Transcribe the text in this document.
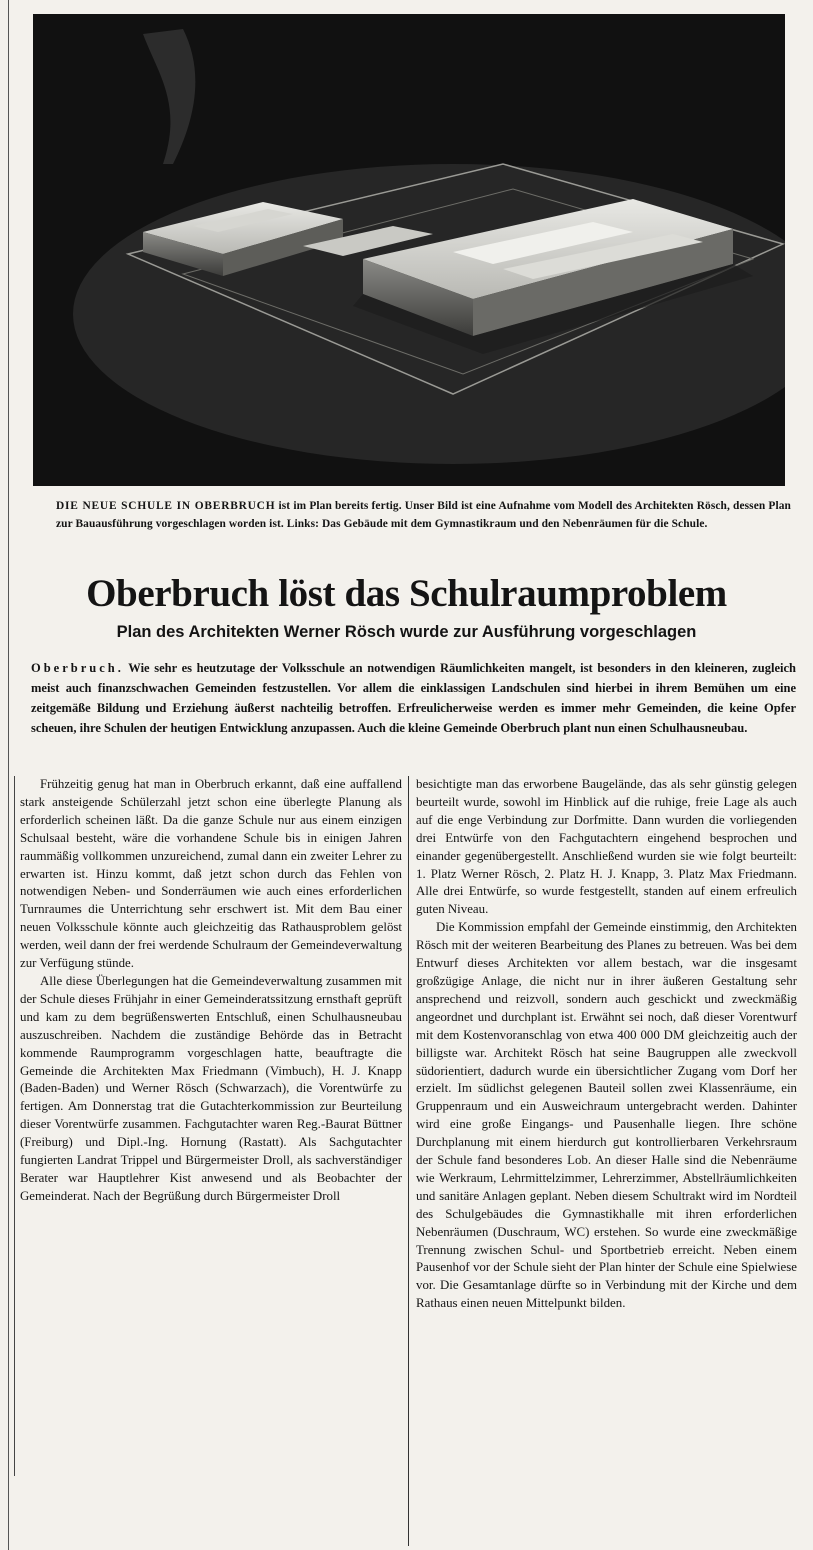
DIE NEUE SCHULE IN OBERBRUCH ist im Plan bereits fertig. Unser Bild ist eine Aufnahme vom Modell des Architekten Rösch, dessen Plan zur Bauausführung vorgeschlagen worden ist. Links: Das Gebäude mit dem Gymnastikraum und den Nebenräumen für die Schule.
Oberbruch löst das Schulraumproblem
Plan des Architekten Werner Rösch wurde zur Ausführung vorgeschlagen
Oberbruch. Wie sehr es heutzutage der Volksschule an notwendigen Räumlichkeiten mangelt, ist besonders in den kleineren, zugleich meist auch finanzschwachen Gemeinden festzustellen. Vor allem die einklassigen Landschulen sind hierbei in ihrem Bemühen um eine zeitgemäße Bildung und Erziehung äußerst nachteilig betroffen. Erfreulicherweise werden es immer mehr Gemeinden, die keine Opfer scheuen, ihre Schulen der heutigen Entwicklung anzupassen. Auch die kleine Gemeinde Oberbruch plant nun einen Schulhausneubau.

Frühzeitig genug hat man in Oberbruch erkannt, daß eine auffallend stark ansteigende Schülerzahl jetzt schon eine überlegte Planung als erforderlich scheinen läßt. Da die ganze Schule nur aus einem einzigen Schulsaal besteht, wäre die vorhandene Schule bis in einigen Jahren raummäßig vollkommen unzureichend, zumal dann ein zweiter Lehrer zu erwarten ist. Hinzu kommt, daß jetzt schon durch das Fehlen von notwendigen Neben- und Sonderräumen wie auch eines erforderlichen Turnraumes die Unterrichtung sehr erschwert ist. Mit dem Bau einer neuen Volksschule könnte auch gleichzeitig das Rathausproblem gelöst werden, weil dann der frei werdende Schulraum der Gemeindeverwaltung zur Verfügung stünde.

Alle diese Überlegungen hat die Gemeindeverwaltung zusammen mit der Schule dieses Frühjahr in einer Gemeinderatssitzung ernsthaft geprüft und kam zu dem begrüßenswerten Entschluß, einen Schulhausneubau auszuschreiben. Nachdem die zuständige Behörde das in Betracht kommende Raumprogramm vorgeschlagen hatte, beauftragte die Gemeinde die Architekten Max Friedmann (Vimbuch), H. J. Knapp (Baden-Baden) und Werner Rösch (Schwarzach), die Vorentwürfe zu fertigen. Am Donnerstag trat die Gutachterkommission zur Beurteilung dieser Vorentwürfe zusammen. Fachgutachter waren Reg.-Baurat Büttner (Freiburg) und Dipl.-Ing. Hornung (Rastatt). Als Sachgutachter fungierten Landrat Trippel und Bürgermeister Droll, als sachverständiger Berater war Hauptlehrer Kist anwesend und als Beobachter der Gemeinderat. Nach der Begrüßung durch Bürgermeister Droll

besichtigte man das erworbene Baugelände, das als sehr günstig gelegen beurteilt wurde, sowohl im Hinblick auf die ruhige, freie Lage als auch auf die enge Verbindung zur Dorfmitte. Dann wurden die vorliegenden drei Entwürfe von den Fachgutachtern eingehend besprochen und einander gegenübergestellt. Anschließend wurden sie wie folgt beurteilt: 1. Platz Werner Rösch, 2. Platz H. J. Knapp, 3. Platz Max Friedmann. Alle drei Entwürfe, so wurde festgestellt, standen auf einem erfreulich guten Niveau.

Die Kommission empfahl der Gemeinde einstimmig, den Architekten Rösch mit der weiteren Bearbeitung des Planes zu betreuen. Was bei dem Entwurf dieses Architekten vor allem bestach, war die insgesamt großzügige Anlage, die nicht nur in ihrer äußeren Gestaltung sehr ansprechend und reizvoll, sondern auch geschickt und zweckmäßig angeordnet und durchplant ist. Erwähnt sei noch, daß dieser Vorentwurf mit dem Kostenvoranschlag von etwa 400 000 DM gleichzeitig auch der billigste war. Architekt Rösch hat seine Baugruppen alle zweckvoll südorientiert, dadurch wurde ein übersichtlicher Zugang vom Dorf her erzielt. Im südlichst gelegenen Bauteil sollen zwei Klassenräume, ein Gruppenraum und ein Ausweichraum untergebracht werden. Dahinter wird eine große Eingangs- und Pausenhalle liegen. Ihre schöne Durchplanung mit einem hierdurch gut kontrollierbaren Verkehrsraum der Schule fand besonderes Lob. An dieser Halle sind die Nebenräume wie Werkraum, Lehrmittelzimmer, Lehrerzimmer, Abstellräumlichkeiten und sanitäre Anlagen geplant. Neben diesem Schultrakt wird im Nordteil des Schulgebäudes die Gymnastikhalle mit ihren erforderlichen Nebenräumen (Duschraum, WC) erstehen. So wurde eine zweckmäßige Trennung zwischen Schul- und Sportbetrieb erreicht. Neben einem Pausenhof vor der Schule sieht der Plan hinter der Schule eine Spielwiese vor. Die Gesamtanlage dürfte so in Verbindung mit der Kirche und dem Rathaus einen neuen Mittelpunkt bilden.
